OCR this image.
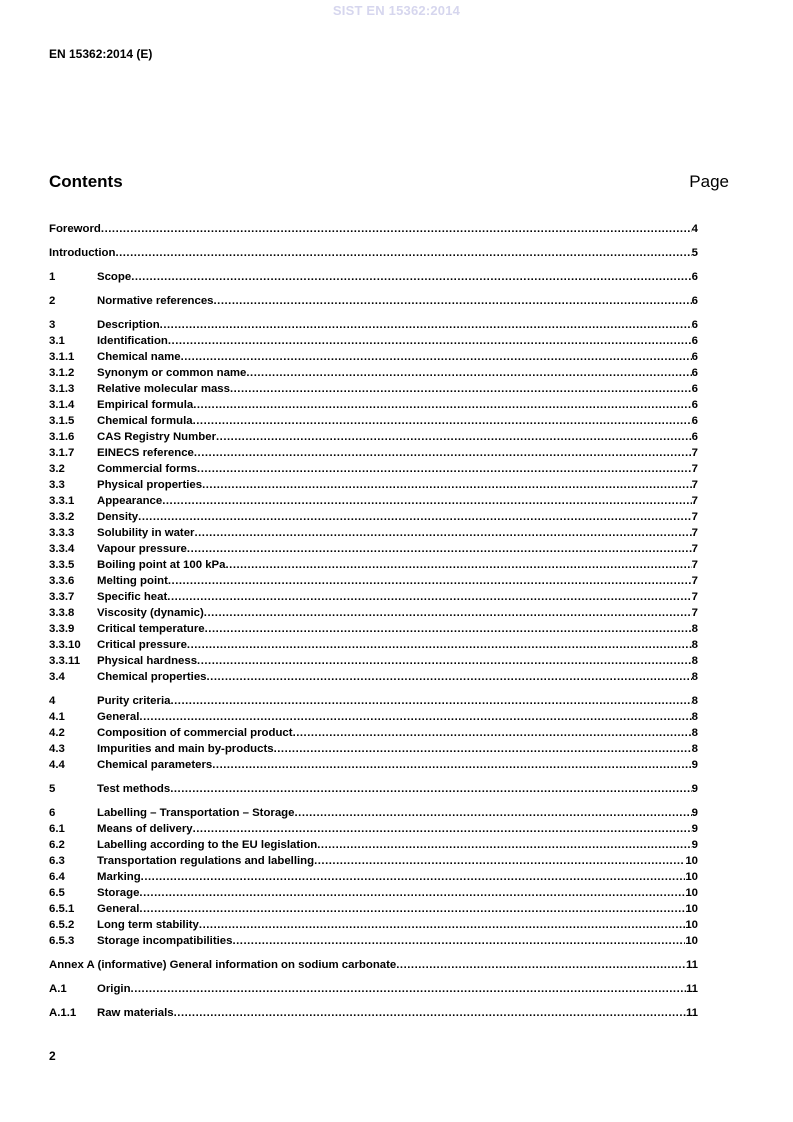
SIST EN 15362:2014
EN 15362:2014 (E)
Contents	Page
Foreword .....	4
Introduction .....	5
1	Scope .....	6
2	Normative references .....	6
3	Description .....	6
3.1	Identification .....	6
3.1.1	Chemical name .....	6
3.1.2	Synonym or common name .....	6
3.1.3	Relative molecular mass .....	6
3.1.4	Empirical formula .....	6
3.1.5	Chemical formula .....	6
3.1.6	CAS Registry Number .....	6
3.1.7	EINECS reference .....	7
3.2	Commercial forms .....	7
3.3	Physical properties .....	7
3.3.1	Appearance .....	7
3.3.2	Density .....	7
3.3.3	Solubility in water .....	7
3.3.4	Vapour pressure .....	7
3.3.5	Boiling point at 100 kPa .....	7
3.3.6	Melting point .....	7
3.3.7	Specific heat .....	7
3.3.8	Viscosity (dynamic) .....	7
3.3.9	Critical temperature .....	8
3.3.10	Critical pressure .....	8
3.3.11	Physical hardness .....	8
3.4	Chemical properties .....	8
4	Purity criteria .....	8
4.1	General .....	8
4.2	Composition of commercial product .....	8
4.3	Impurities and main by-products .....	8
4.4	Chemical parameters .....	9
5	Test methods .....	9
6	Labelling – Transportation – Storage .....	9
6.1	Means of delivery .....	9
6.2	Labelling according to the EU legislation .....	9
6.3	Transportation regulations and labelling .....	10
6.4	Marking .....	10
6.5	Storage .....	10
6.5.1	General .....	10
6.5.2	Long term stability .....	10
6.5.3	Storage incompatibilities .....	10
Annex A (informative) General information on sodium carbonate .....	11
A.1	Origin .....	11
A.1.1	Raw materials .....	11
2
